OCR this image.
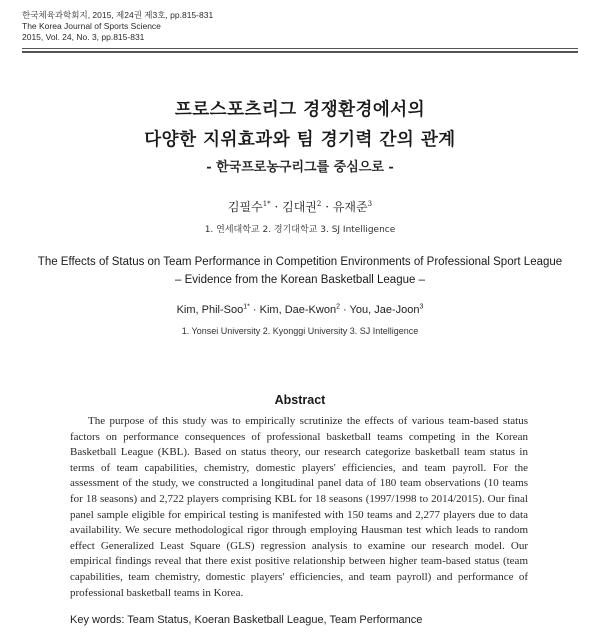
한국체육과학회지, 2015, 제24권 제3호, pp.815-831
The Korea Journal of Sports Science
2015, Vol. 24, No. 3, pp.815-831
프로스포츠리그 경쟁환경에서의
다양한 지위효과와 팀 경기력 간의 관계
- 한국프로농구리그를 중심으로 -
김필수$^{1*}$ · 김대권$^2$ · 유재준$^3$
1. 연세대학교 2. 경기대학교 3. SJ Intelligence
The Effects of Status on Team Performance in Competition Environments of Professional Sport League
– Evidence from the Korean Basketball League –
Kim, Phil-Soo$^{1*}$ · Kim, Dae-Kwon$^2$ · You, Jae-Joon$^3$
1. Yonsei University 2. Kyonggi University 3. SJ Intelligence
Abstract

The purpose of this study was to empirically scrutinize the effects of various team-based status factors on performance consequences of professional basketball teams competing in the Korean Basketball League (KBL). Based on status theory, our research categorize basketball team status in terms of team capabilities, chemistry, domestic players' efficiencies, and team payroll. For the assessment of the study, we constructed a longitudinal panel data of 180 team observations (10 teams for 18 seasons) and 2,722 players comprising KBL for 18 seasons (1997/1998 to 2014/2015). Our final panel sample eligible for empirical testing is manifested with 150 teams and 2,277 players due to data availability. We secure methodological rigor through employing Hausman test which leads to random effect Generalized Least Square (GLS) regression analysis to examine our research model. Our empirical findings reveal that there exist positive relationship between higher team-based status (team capabilities, team chemistry, domestic players' efficiencies, and team payroll) and performance of professional basketball teams in Korea.

Key words: Team Status, Koeran Basketball League, Team Performance
